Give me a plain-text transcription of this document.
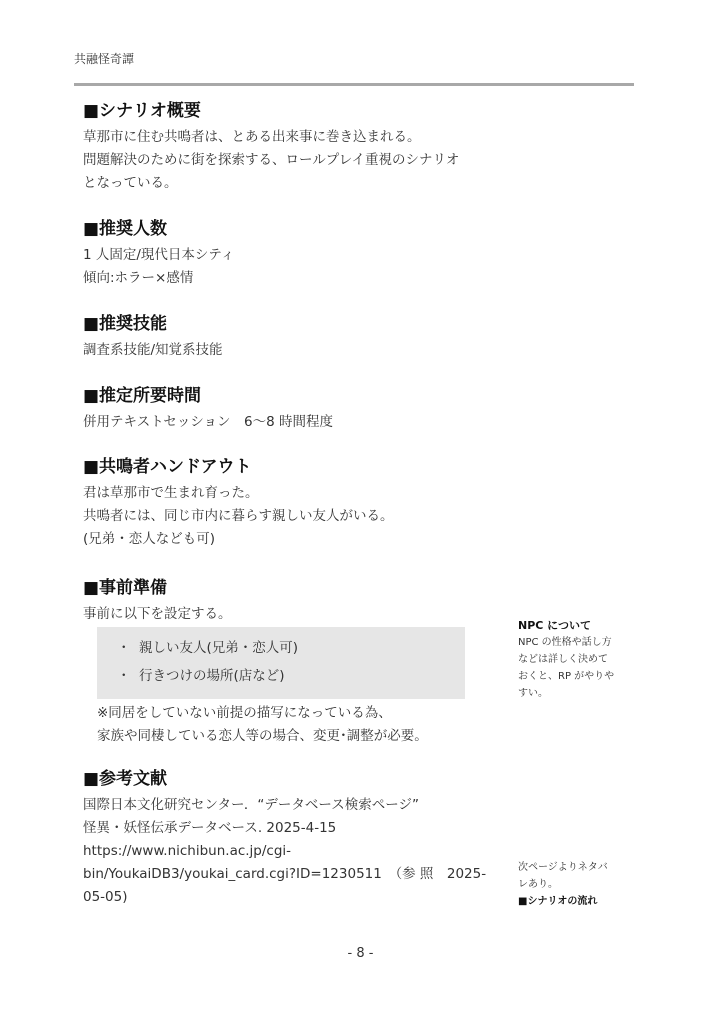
共融怪奇譚
■シナリオ概要
草那市に住む共鳴者は、とある出来事に巻き込まれる。
問題解決のために街を探索する、ロールプレイ重視のシナリオ
となっている。
■推奨人数
1 人固定/現代日本シティ
傾向:ホラー×感情
■推奨技能
調査系技能/知覚系技能
■推定所要時間
併用テキストセッション　6〜8 時間程度
■共鳴者ハンドアウト
君は草那市で生まれ育った。
共鳴者には、同じ市内に暮らす親しい友人がいる。
(兄弟・恋人なども可)
■事前準備
事前に以下を設定する。
・ 親しい友人(兄弟・恋人可)
・ 行きつけの場所(店など)
※同居をしていない前提の描写になっている為、
家族や同棲している恋人等の場合、変更･調整が必要。
■参考文献
国際日本文化研究センター．“データベース検索ページ”
怪異・妖怪伝承データベース. 2025-4-15
https://www.nichibun.ac.jp/cgi-
bin/YoukaiDB3/youkai_card.cgi?ID=1230511　（参 照　2025-
05-05)
NPC について
NPC の性格や話し方
などは詳しく決めて
おくと、RP がやりや
すい。
次ページよりネタバ
レあり。
■シナリオの流れ
- 8 -
